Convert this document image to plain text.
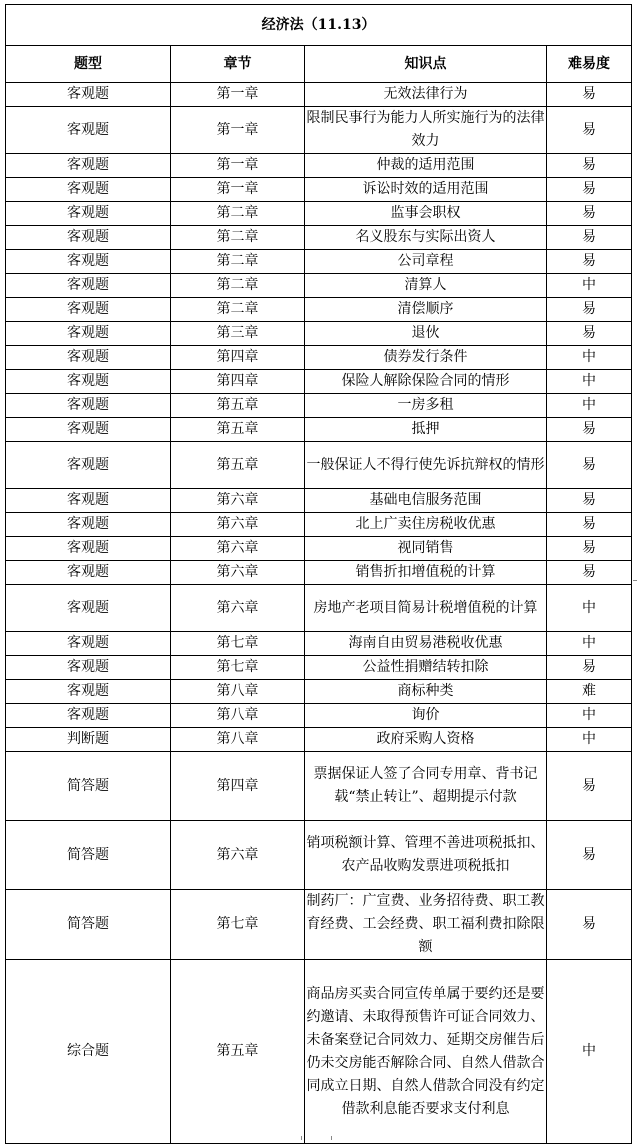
经济法（11.13）			
题型	章节	知识点	难易度
客观题	第一章	无效法律行为	易
客观题	第一章	限制民事行为能力人所实施行为的法律效力	易
客观题	第一章	仲裁的适用范围	易
客观题	第一章	诉讼时效的适用范围	易
客观题	第二章	监事会职权	易
客观题	第二章	名义股东与实际出资人	易
客观题	第二章	公司章程	易
客观题	第二章	清算人	中
客观题	第二章	清偿顺序	易
客观题	第三章	退伙	易
客观题	第四章	债券发行条件	中
客观题	第四章	保险人解除保险合同的情形	中
客观题	第五章	一房多租	中
客观题	第五章	抵押	易
客观题	第五章	一般保证人不得行使先诉抗辩权的情形	易
客观题	第六章	基础电信服务范围	易
客观题	第六章	北上广卖住房税收优惠	易
客观题	第六章	视同销售	易
客观题	第六章	销售折扣增值税的计算	易
客观题	第六章	房地产老项目简易计税增值税的计算	中
客观题	第七章	海南自由贸易港税收优惠	中
客观题	第七章	公益性捐赠结转扣除	易
客观题	第八章	商标种类	难
客观题	第八章	询价	中
判断题	第八章	政府采购人资格	中
简答题	第四章	票据保证人签了合同专用章、背书记载“禁止转让”、超期提示付款	易
简答题	第六章	销项税额计算、管理不善进项税抵扣、农产品收购发票进项税抵扣	易
简答题	第七章	制药厂：广宣费、业务招待费、职工教育经费、工会经费、职工福利费扣除限额	易
综合题	第五章	商品房买卖合同宣传单属于要约还是要约邀请、未取得预售许可证合同效力、未备案登记合同效力、延期交房催告后仍未交房能否解除合同、自然人借款合同成立日期、自然人借款合同没有约定借款利息能否要求支付利息	中
